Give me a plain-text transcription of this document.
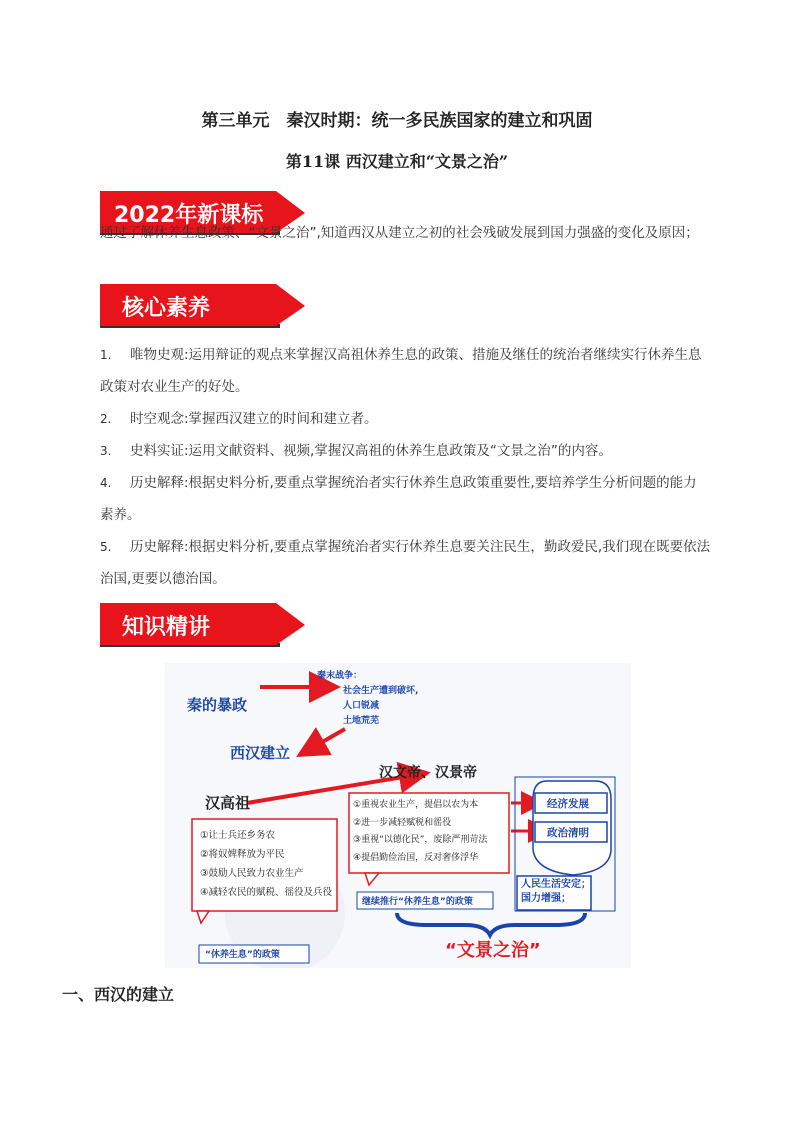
第三单元　秦汉时期：统一多民族国家的建立和巩固
第11课 西汉建立和“文景之治”
2022年新课标
通过了解休养生息政策、“文景之治”,知道西汉从建立之初的社会残破发展到国力强盛的变化及原因；
核心素养
1. 唯物史观:运用辩证的观点来掌握汉高祖休养生息的政策、措施及继任的统治者继续实行休养生息
政策对农业生产的好处。
2. 时空观念:掌握西汉建立的时间和建立者。
3. 史料实证:运用文献资料、视频,掌握汉高祖的休养生息政策及“文景之治”的内容。
4. 历史解释:根据史料分析,要重点掌握统治者实行休养生息政策重要性,要培养学生分析问题的能力
素养。
5. 历史解释:根据史料分析,要重点掌握统治者实行休养生息要关注民生，勤政爱民,我们现在既要依法
治国,更要以德治国。
知识精讲
秦末战争：
社会生产遭到破坏,
人口锐减
土地荒芜
秦的暴政
西汉建立
汉高祖
汉文帝、汉景帝
①让士兵还乡务农
②将奴婢释放为平民
③鼓励人民致力农业生产
④减轻农民的赋税、徭役及兵役
①重视农业生产，提倡以农为本
②进一步减轻赋税和徭役
③重视“以德化民”，废除严刑苛法
④提倡勤俭治国，反对奢侈浮华
经济发展
政治清明
人民生活安定；
国力增强；
继续推行“休养生息”的政策
“休养生息”的政策	“文景之治”
一、西汉的建立
